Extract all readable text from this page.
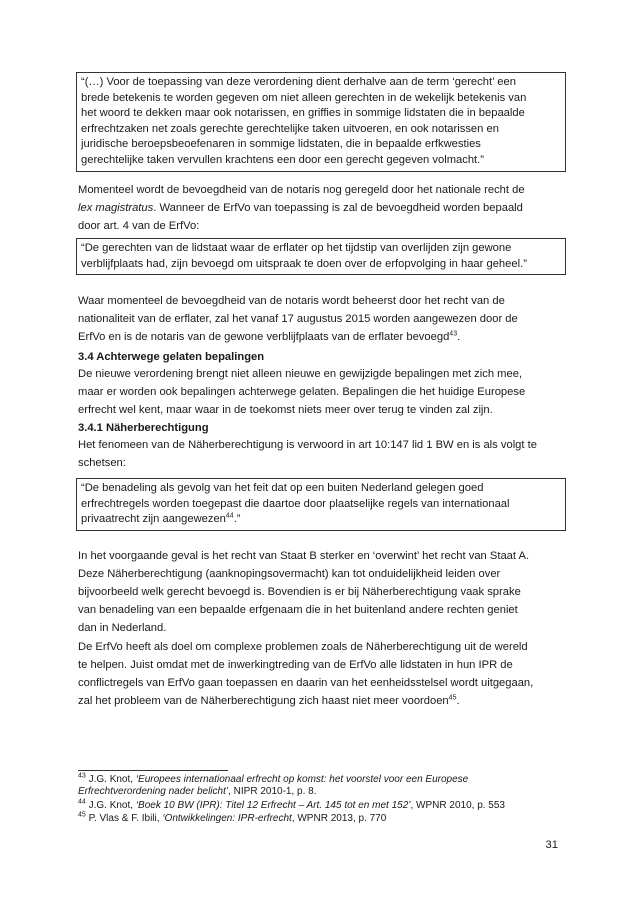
“(…) Voor de toepassing van deze verordening dient derhalve aan de term ‘gerecht’ een
brede betekenis te worden gegeven om niet alleen gerechten in de wekelijk betekenis van
het woord te dekken maar ook notarissen, en griffies in sommige lidstaten die in bepaalde
erfrechtzaken net zoals gerechte gerechtelijke taken uitvoeren, en ook notarissen en
juridische beroepsbeoefenaren in sommige lidstaten, die in bepaalde erfkwesties
gerechtelijke taken vervullen krachtens een door een gerecht gegeven volmacht.”
Momenteel wordt de bevoegdheid van de notaris nog geregeld door het nationale recht de
lex magistratus. Wanneer de ErfVo van toepassing is zal de bevoegdheid worden bepaald
door art. 4 van de ErfVo:
“De gerechten van de lidstaat waar de erflater op het tijdstip van overlijden zijn gewone
verblijfplaats had, zijn bevoegd om uitspraak te doen over de erfopvolging in haar geheel.”
Waar momenteel de bevoegdheid van de notaris wordt beheerst door het recht van de
nationaliteit van de erflater, zal het vanaf 17 augustus 2015 worden aangewezen door de
ErfVo en is de notaris van de gewone verblijfplaats van de erflater bevoegd$^{43}$.
3.4 Achterwege gelaten bepalingen
De nieuwe verordening brengt niet alleen nieuwe en gewijzigde bepalingen met zich mee,
maar er worden ook bepalingen achterwege gelaten. Bepalingen die het huidige Europese
erfrecht wel kent, maar waar in de toekomst niets meer over terug te vinden zal zijn.
3.4.1 Näherberechtigung
Het fenomeen van de Näherberechtigung is verwoord in art 10:147 lid 1 BW en is als volgt te
schetsen:
“De benadeling als gevolg van het feit dat op een buiten Nederland gelegen goed
erfrechtregels worden toegepast die daartoe door plaatselijke regels van internationaal
privaatrecht zijn aangewezen$^{44}$.”
In het voorgaande geval is het recht van Staat B sterker en ‘overwint’ het recht van Staat A.
Deze Näherberechtigung (aanknopingsovermacht) kan tot onduidelijkheid leiden over
bijvoorbeeld welk gerecht bevoegd is. Bovendien is er bij Näherberechtigung vaak sprake
van benadeling van een bepaalde erfgenaam die in het buitenland andere rechten geniet
dan in Nederland.
De ErfVo heeft als doel om complexe problemen zoals de Näherberechtigung uit de wereld
te helpen. Juist omdat met de inwerkingtreding van de ErfVo alle lidstaten in hun IPR de
conflictregels van ErfVo gaan toepassen en daarin van het eenheidsstelsel wordt uitgegaan,
zal het probleem van de Näherberechtigung zich haast niet meer voordoen$^{45}$.
$^{43}$ J.G. Knot, ‘Europees internationaal erfrecht op komst: het voorstel voor een Europese
Erfrechtverordening nader belicht’, NIPR 2010-1, p. 8.
$^{44}$ J.G. Knot, ‘Boek 10 BW (IPR): Titel 12 Erfrecht – Art. 145 tot en met 152’, WPNR 2010, p. 553
$^{45}$ P. Vlas & F. Ibili, ‘Ontwikkelingen: IPR-erfrecht, WPNR 2013, p. 770
31
